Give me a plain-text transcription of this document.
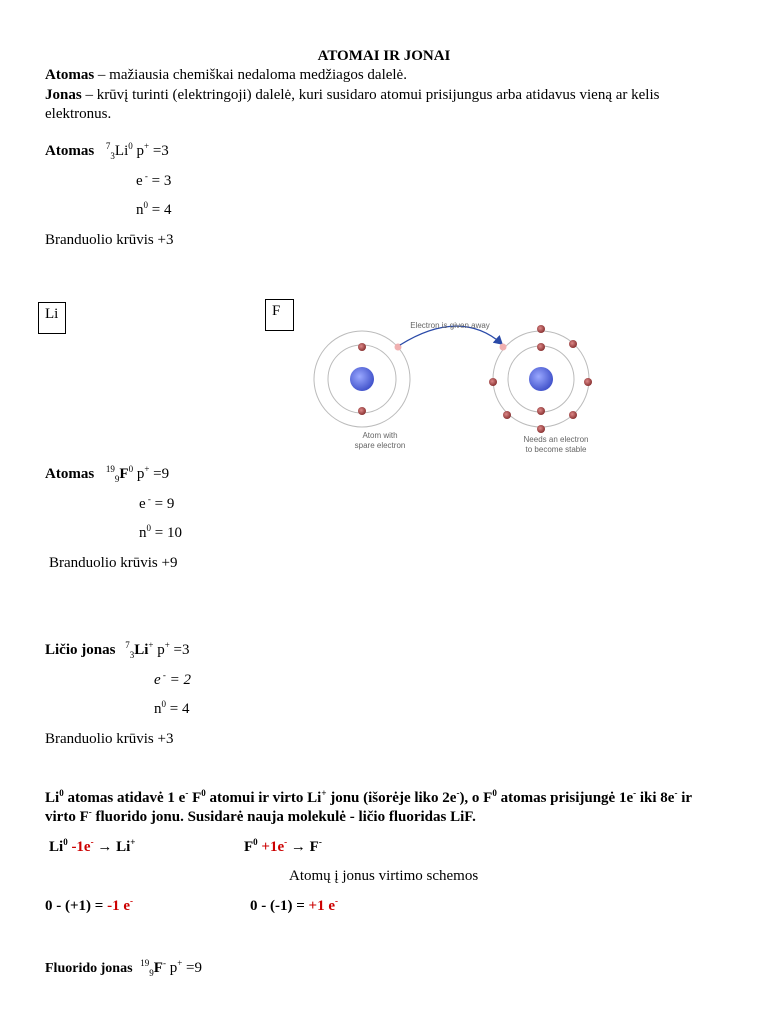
ATOMAI IR JONAI
Atomas – mažiausia chemiškai nedaloma medžiagos dalelė.
Jonas – krūvį turinti (elektringoji) dalelė, kuri susidaro atomui prisijungus arba atidavus vieną ar kelis elektronus.
Atomas $^7_3Li^0$ p+ =3
e - = 3
$n^0 = 4$
Branduolio krūvis +3
Li	F
Electron is given away
Atom with
spare electron
Needs an electron
to become stable
Atomas $^{19}_9F^0$ p+ =9
e - = 9
$n^0 = 10$
Branduolio krūvis +9
Ličio jonas $^7_3$Li+ p+ =3
e - = 2
$n^0 = 4$
Branduolio krūvis +3
Li$^0$ atomas atidavė 1 e- $F^0$ atomui ir virto Li+ jonu (išorėje liko 2e-), o $F^0$ atomas prisijungė 1e- iki 8e- ir virto F- fluorido jonu. Susidarė nauja molekulė - ličio fluoridas LiF.
Li$^0$ -1e- → Li+	$F^0 +1e^- \to F^-$
Atomų į jonus virtimo schemos
0 - (+1) = -1 e-	0 - (-1) = +1 e-
Fluorido jonas $^{19}_9$F- p+ =9
